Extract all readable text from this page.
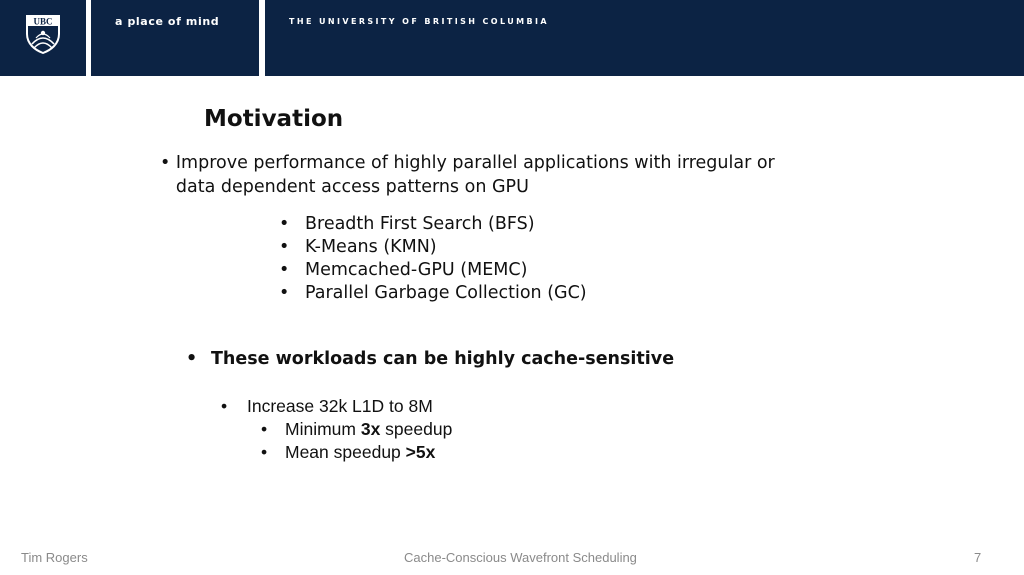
UBC	a place of mind	THE UNIVERSITY OF BRITISH COLUMBIA
Motivation
• Improve performance of highly parallel applications with irregular or data dependent access patterns on GPU
• Breadth First Search (BFS)
• K-Means (KMN)
• Memcached-GPU (MEMC)
• Parallel Garbage Collection (GC)
• These workloads can be highly cache-sensitive
•	Increase 32k L1D to 8M
•	Minimum 3x speedup
•	Mean speedup >5x
Tim Rogers	Cache-Conscious Wavefront Scheduling	7
